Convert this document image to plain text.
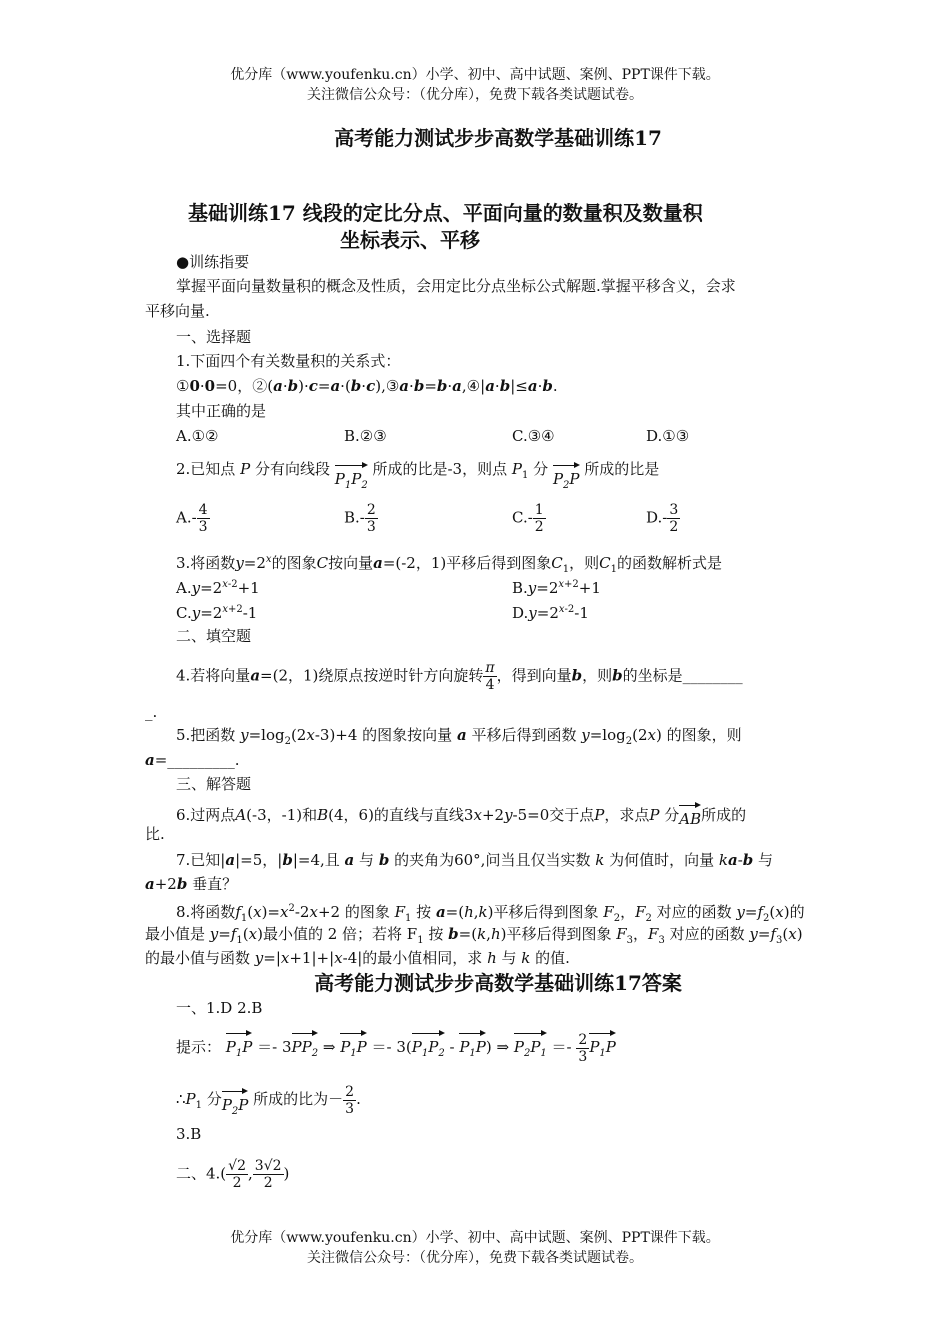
优分库（www.youfenku.cn）小学、初中、高中试题、案例、PPT课件下载。
关注微信公众号：（优分库），免费下载各类试题试卷。
高考能力测试步步高数学基础训练17
基础训练17 线段的定比分点、平面向量的数量积及数量积
坐标表示、平移
●训练指要
掌握平面向量数量积的概念及性质，会用定比分点坐标公式解题.掌握平移含义，会求
平移向量.
一、选择题
1.下面四个有关数量积的关系式：
①0·0=0，②(a·b)·c=a·(b·c),③a·b=b·a,④|a·b|≤a·b.
其中正确的是
A.①②	B.②③	C.③④	D.①③
2.已知点 P 分有向线段 $P_1P_2$ 所成的比是-3，则点 $P_1$ 分 $P_2P$ 所成的比是
$A.- \frac{4}{3}$	$B.- \frac{2}{3}$	$C.- \frac{1}{2}$	$D.- \frac{3}{2}$
3.将函数$y=2^x$的图象C按向量a=(-2，1)平移后得到图象$C_1$，则$C_1$的函数解析式是
$A.y=2^{x-2}+1$	$B.y=2^{x+2}+1$
$C.y=2^{x+2}-1$	$D.y=2^{x-2}-1$
二、填空题
4.若将向量a=(2，1)绕原点按逆时针方向旋转 $\frac{\pi}{4}$ ，得到向量b，则b的坐标是________
_.
5.把函数 $y=\log_2(2x-3)+4$ 的图象按向量 a 平移后得到函数 $y=\log_2(2x)$ 的图象，则
a=_________.
三、解答题
6.过两点A(-3，-1)和B(4，6)的直线与直线3x+2y-5=0交于点P，求点P 分AB所成的
比.
7.已知|a|=5，|b|=4,且 a 与 b 的夹角为60°,问当且仅当实数 k 为何值时，向量 ka-b 与
a+2b 垂直？
8.将函数$f_1(x)=x^2-2x+2$ 的图象 $F_1$ 按 a=(h,k)平移后得到图象 $F_2$，$F_2$ 对应的函数 $y=f_2(x)$的
最小值是 $y=f_1(x)$最小值的 2 倍；若将 $F_1$ 按 b=(k,h)平移后得到图象 $F_3$，$F_3$ 对应的函数 $y=f_3(x)$
的最小值与函数 y=|x+1|+|x-4|的最小值相同，求 h 与 k 的值.
高考能力测试步步高数学基础训练17答案
一、1.D 2.B
提示： $P_1P =- 3PP_2$ ⇒ $P_1P =- 3(P_1P_2 - P_1P)$ ⇒ $P_2P_1 =- \frac{2}{3} P_1P$
$\therefore P_1$ 分$P_2P$ 所成的比为－ $\frac{2}{3}$ .
3.B
二、$4.( \frac{√2}{2}$ , $\frac{3√2}{2}$ )
优分库（www.youfenku.cn）小学、初中、高中试题、案例、PPT课件下载。
关注微信公众号：（优分库），免费下载各类试题试卷。
